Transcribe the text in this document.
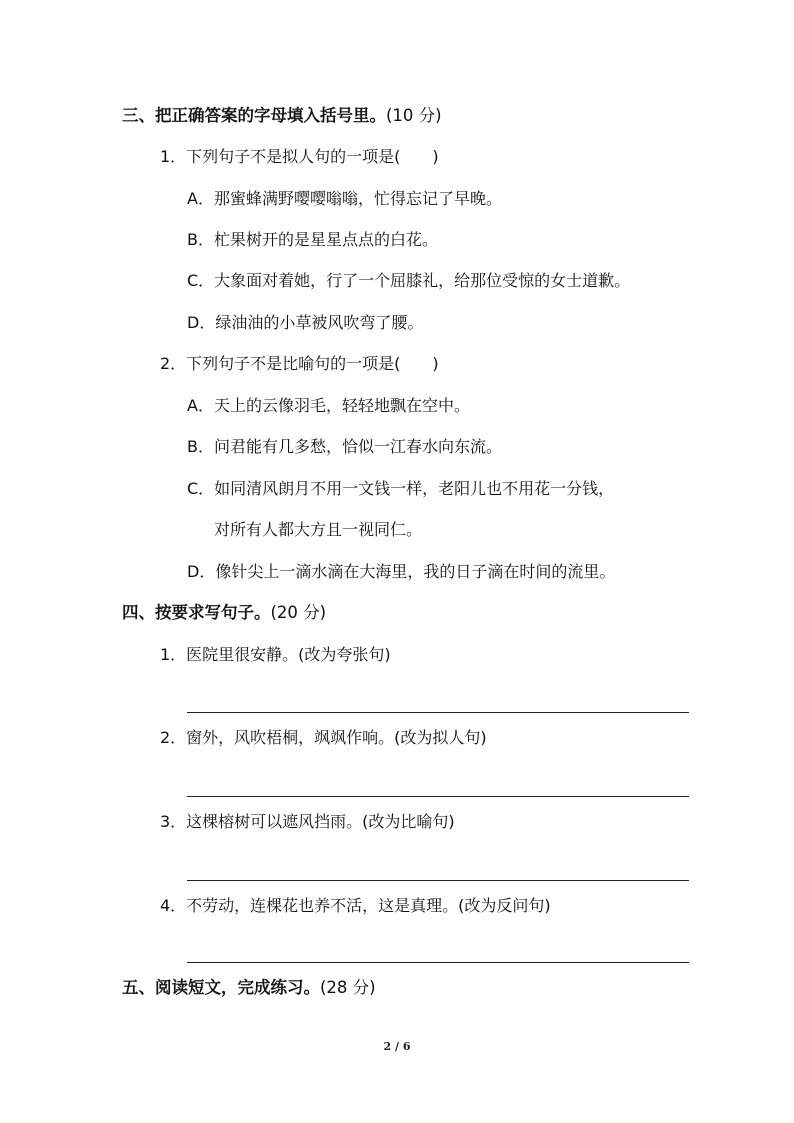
三、把正确答案的字母填入括号里。(10 分)
1．下列句子不是拟人句的一项是(　　)
A．那蜜蜂满野嘤嘤嗡嗡，忙得忘记了早晚。
B．杧果树开的是星星点点的白花。
C．大象面对着她，行了一个屈膝礼，给那位受惊的女士道歉。
D．绿油油的小草被风吹弯了腰。
2．下列句子不是比喻句的一项是(　　)
A．天上的云像羽毛，轻轻地飘在空中。
B．问君能有几多愁，恰似一江春水向东流。
C．如同清风朗月不用一文钱一样，老阳儿也不用花一分钱，
对所有人都大方且一视同仁。
D．像针尖上一滴水滴在大海里，我的日子滴在时间的流里。
四、按要求写句子。(20 分)
1．医院里很安静。(改为夸张句)
2．窗外，风吹梧桐，飒飒作响。(改为拟人句)
3．这棵榕树可以遮风挡雨。(改为比喻句)
4．不劳动，连棵花也养不活，这是真理。(改为反问句)
五、阅读短文，完成练习。(28 分)
2 / 6
